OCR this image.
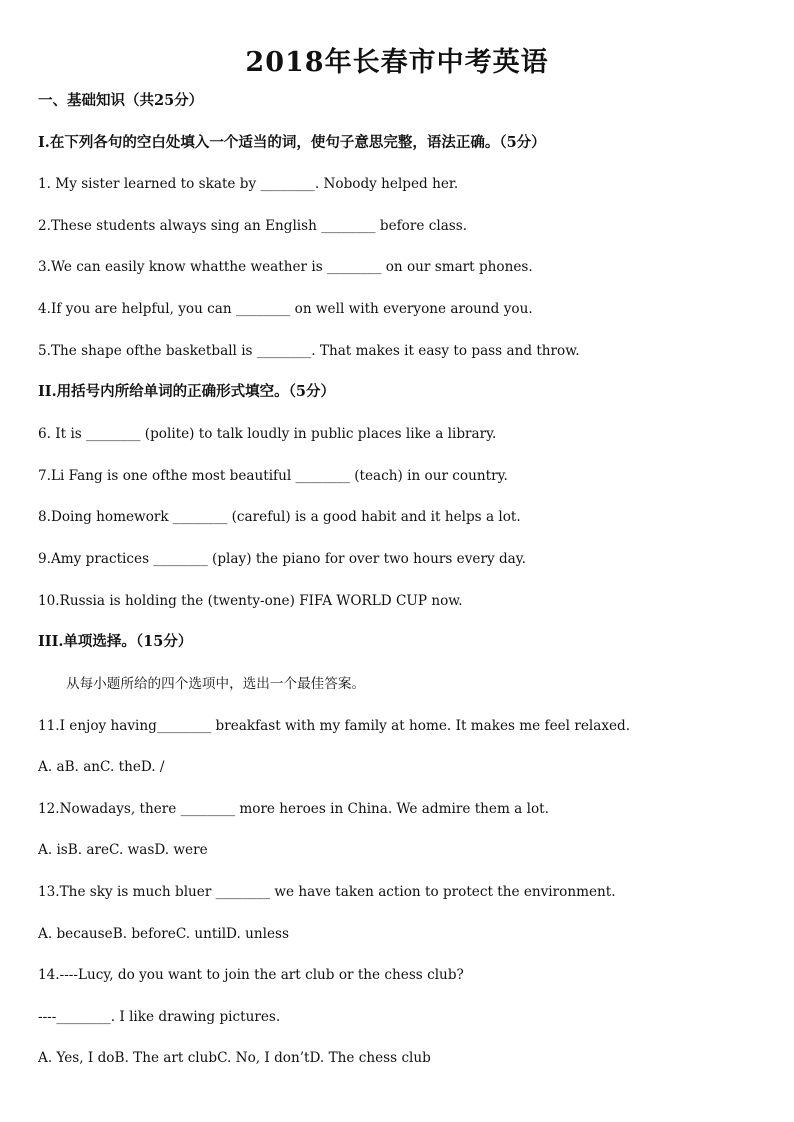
2018年长春市中考英语

一、基础知识（共25分）

I.在下列各句的空白处填入一个适当的词，使句子意思完整，语法正确。（5分）

1. My sister learned to skate by ________. Nobody helped her.

2.These students always sing an English ________ before class.

3.We can easily know whatthe weather is ________ on our smart phones.

4.If you are helpful, you can ________ on well with everyone around you.

5.The shape ofthe basketball is ________. That makes it easy to pass and throw.

II.用括号内所给单词的正确形式填空。（5分）

6. It is ________ (polite) to talk loudly in public places like a library.

7.Li Fang is one ofthe most beautiful ________ (teach) in our country.

8.Doing homework ________ (careful) is a good habit and it helps a lot.

9.Amy practices ________ (play) the piano for over two hours every day.

10.Russia is holding the (twenty-one) FIFA WORLD CUP now.

III.单项选择。（15分）

从每小题所给的四个选项中，选出一个最佳答案。

11.I enjoy having________ breakfast with my family at home. It makes me feel relaxed.

A. aB. anC. theD. /

12.Nowadays, there ________ more heroes in China. We admire them a lot.

A. isB. areC. wasD. were

13.The sky is much bluer ________ we have taken action to protect the environment.

A. becauseB. beforeC. untilD. unless

14.----Lucy, do you want to join the art club or the chess club?

----________. I like drawing pictures.

A. Yes, I doB. The art clubC. No, I don’tD. The chess club
